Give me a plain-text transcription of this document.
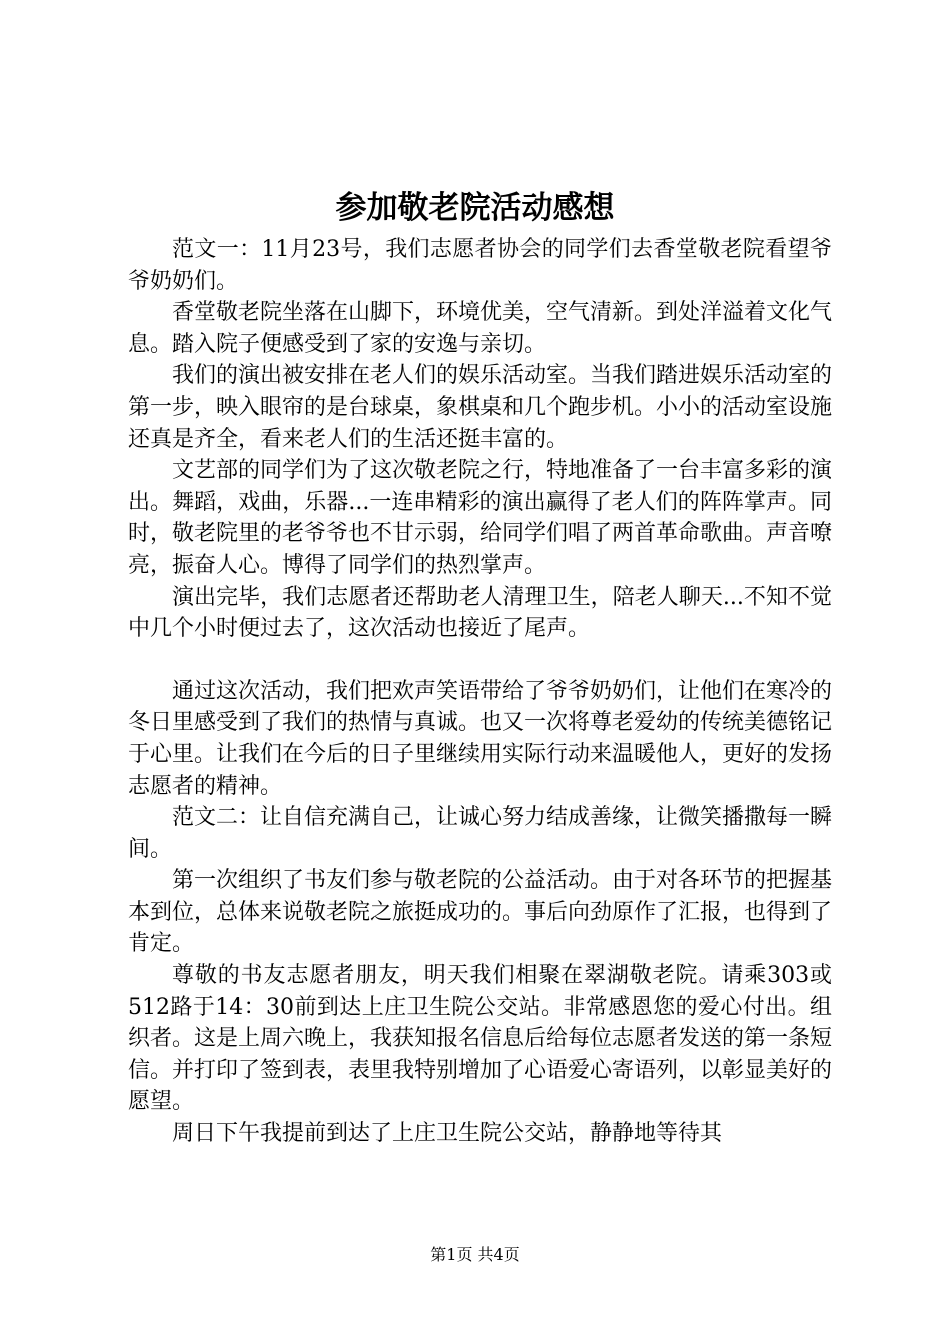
参加敬老院活动感想

范文一：11月23号，我们志愿者协会的同学们去香堂敬老院看望爷爷奶奶们。

香堂敬老院坐落在山脚下，环境优美，空气清新。到处洋溢着文化气息。踏入院子便感受到了家的安逸与亲切。

我们的演出被安排在老人们的娱乐活动室。当我们踏进娱乐活动室的第一步，映入眼帘的是台球桌，象棋桌和几个跑步机。小小的活动室设施还真是齐全，看来老人们的生活还挺丰富的。

文艺部的同学们为了这次敬老院之行，特地准备了一台丰富多彩的演出。舞蹈，戏曲，乐器...一连串精彩的演出赢得了老人们的阵阵掌声。同时，敬老院里的老爷爷也不甘示弱，给同学们唱了两首革命歌曲。声音嘹亮，振奋人心。博得了同学们的热烈掌声。

演出完毕，我们志愿者还帮助老人清理卫生，陪老人聊天...不知不觉中几个小时便过去了，这次活动也接近了尾声。

通过这次活动，我们把欢声笑语带给了爷爷奶奶们，让他们在寒冷的冬日里感受到了我们的热情与真诚。也又一次将尊老爱幼的传统美德铭记于心里。让我们在今后的日子里继续用实际行动来温暖他人，更好的发扬志愿者的精神。

范文二：让自信充满自己，让诚心努力结成善缘，让微笑播撒每一瞬间。

第一次组织了书友们参与敬老院的公益活动。由于对各环节的把握基本到位，总体来说敬老院之旅挺成功的。事后向劲原作了汇报，也得到了肯定。

尊敬的书友志愿者朋友，明天我们相聚在翠湖敬老院。请乘303或512路于14：30前到达上庄卫生院公交站。非常感恩您的爱心付出。组织者。这是上周六晚上，我获知报名信息后给每位志愿者发送的第一条短信。并打印了签到表，表里我特别增加了心语爱心寄语列，以彰显美好的愿望。

周日下午我提前到达了上庄卫生院公交站，静静地等待其

第1页 共4页
